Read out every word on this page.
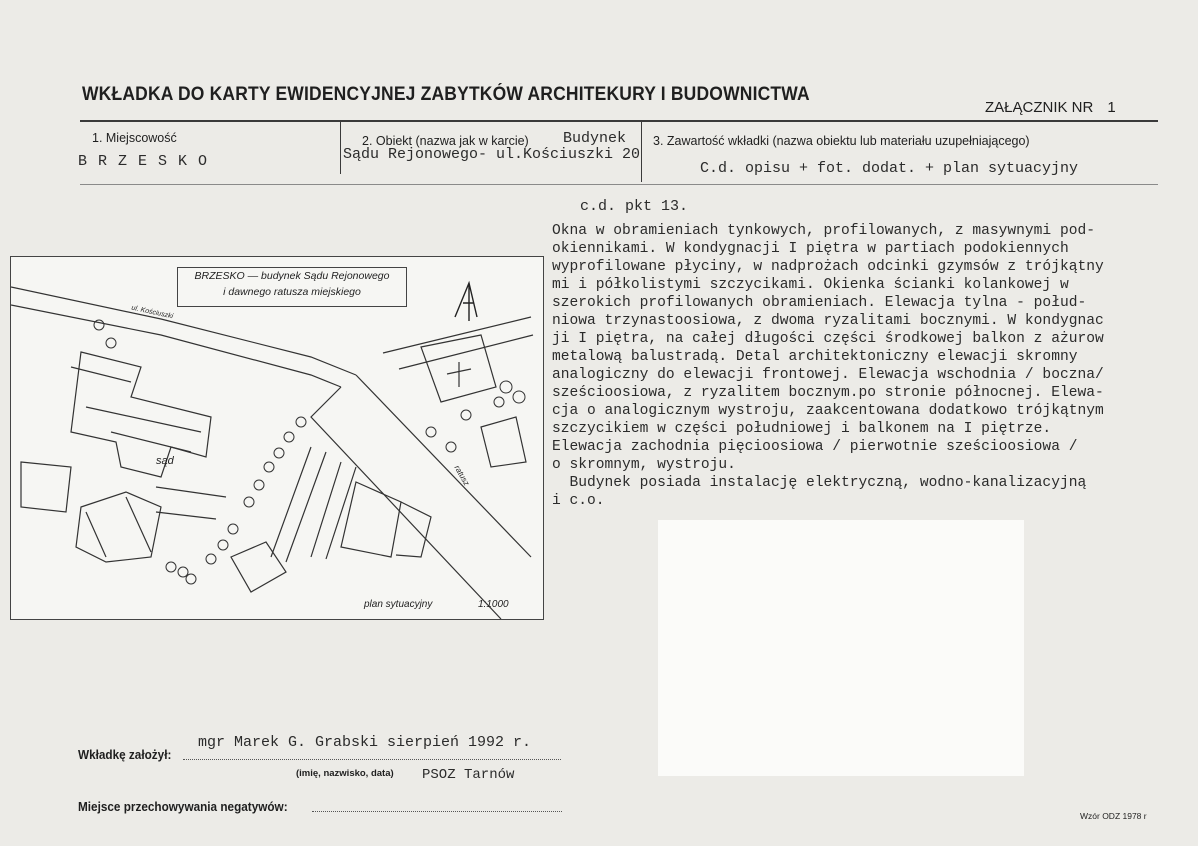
WKŁADKA DO KARTY EWIDENCYJNEJ ZABYTKÓW ARCHITEKURY I BUDOWNICTWA
ZAŁĄCZNIK NR 1
1. Miejscowość
B R Z E S K O
2. Obiekt (nazwa jak w karcie) Budynek
Sądu Rejonowego- ul.Kościuszki 20
3. Zawartość wkładki (nazwa obiektu lub materiału uzupełniającego)
C.d. opisu + fot. dodat. + plan sytuacyjny
c.d. pkt 13.
Okna w obramieniach tynkowych, profilowanych, z masywnymi pod-
okiennikami. W kondygnacji I piętra w partiach podokiennych
wyprofilowane płyciny, w nadprożach odcinki gzymsów z trójkątny
mi i półkolistymi szczycikami. Okienka ścianki kolankowej w
szerokich profilowanych obramieniach. Elewacja tylna - połud-
niowa trzynastoosiowa, z dwoma ryzalitami bocznymi. W kondygnac
ji I piętra, na całej długości części środkowej balkon z ażurow
metalową balustradą. Detal architektoniczny elewacji skromny
analogiczny do elewacji frontowej. Elewacja wschodnia / boczna/
sześcioosiowa, z ryzalitem bocznym.po stronie północnej. Elewa-
cja o analogicznym wystroju, zaakcentowana dodatkowo trójkątnym
szczycikiem w części południowej i balkonem na I piętrze.
Elewacja zachodnia pięcioosiowa / pierwotnie sześcioosiowa /
o skromnym, wystroju.
Budynek posiada instalację elektryczną, wodno-kanalizacyjną
i c.o.
BRZESKO — budynek Sądu Rejonowego
i dawnego ratusza miejskiego
sąd
ul. Kościuszki
ratusz
plan sytuacyjny	1:1000
Wkładkę założył:
mgr Marek G. Grabski sierpień 1992 r.
(imię, nazwisko, data) PSOZ Tarnów
Miejsce przechowywania negatywów:
Wzór ODZ 1978 r
